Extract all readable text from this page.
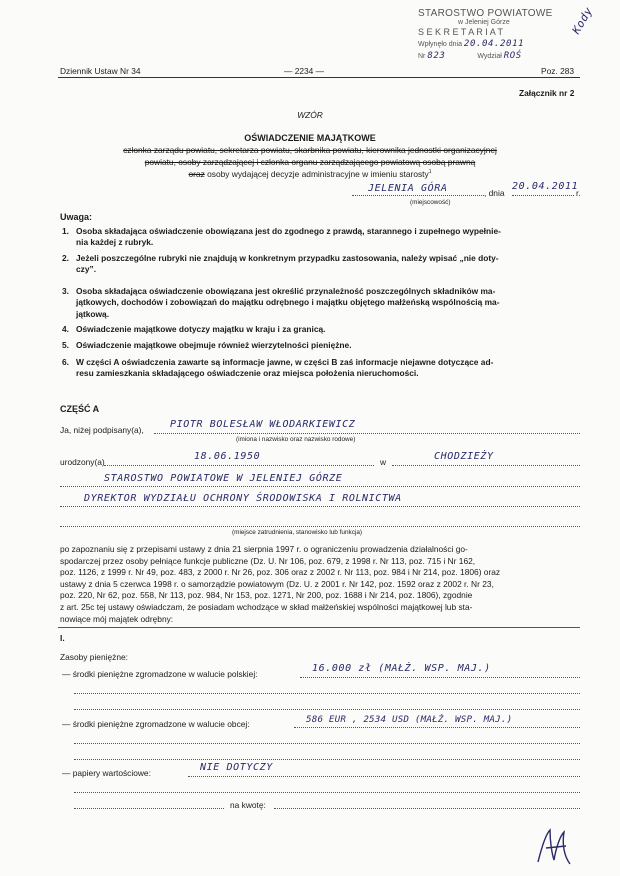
STAROSTWO POWIATOWE
w Jeleniej Górze
S E K R E T A R I A T
Wpłynęło dnia 20.04.2011
Nr 823	Wydział ROŚ
Kody
Dziennik Ustaw Nr 34	— 2234 —	Poz. 283
Załącznik nr 2
WZÓR
OŚWIADCZENIE MAJĄTKOWE
członka zarządu powiatu, sekretarza powiatu, skarbnika powiatu, kierownika jednostki organizacyjnej
powiatu, osoby zarządzającej i członka organu zarządzającego powiatową osobą prawną
oraz osoby wydającej decyzje administracyjne w imieniu starosty$^1$
JELENIA GÓRA	, dnia
20.04.2011
r.
(miejscowość)
Uwaga:
1. Osoba składająca oświadczenie obowiązana jest do zgodnego z prawdą, starannego i zupełnego wypełnie-
nia każdej z rubryk.
2. Jeżeli poszczególne rubryki nie znajdują w konkretnym przypadku zastosowania, należy wpisać „nie doty-
czy”.
3. Osoba składająca oświadczenie obowiązana jest określić przynależność poszczególnych składników ma-
jątkowych, dochodów i zobowiązań do majątku odrębnego i majątku objętego małżeńską wspólnością ma-
jątkową.
4. Oświadczenie majątkowe dotyczy majątku w kraju i za granicą.
5. Oświadczenie majątkowe obejmuje również wierzytelności pieniężne.
6. W części A oświadczenia zawarte są informacje jawne, w części B zaś informacje niejawne dotyczące ad-
resu zamieszkania składającego oświadczenie oraz miejsca położenia nieruchomości.
CZĘŚĆ A
Ja, niżej podpisany(a),	PIOTR BOLESŁAW WŁODARKIEWICZ
(imiona i nazwisko oraz nazwisko rodowe)
urodzony(a)	18.06.1950	w	CHODZIEŻY
STAROSTWO POWIATOWE W JELENIEJ GÓRZE
DYREKTOR WYDZIAŁU OCHRONY ŚRODOWISKA I ROLNICTWA
(miejsce zatrudnienia, stanowisko lub funkcja)
po zapoznaniu się z przepisami ustawy z dnia 21 sierpnia 1997 r. o ograniczeniu prowadzenia działalności go-
spodarczej przez osoby pełniące funkcje publiczne (Dz. U. Nr 106, poz. 679, z 1998 r. Nr 113, poz. 715 i Nr 162,
poz. 1126, z 1999 r. Nr 49, poz. 483, z 2000 r. Nr 26, poz. 306 oraz z 2002 r. Nr 113, poz. 984 i Nr 214, poz. 1806) oraz
ustawy z dnia 5 czerwca 1998 r. o samorządzie powiatowym (Dz. U. z 2001 r. Nr 142, poz. 1592 oraz z 2002 r. Nr 23,
poz. 220, Nr 62, poz. 558, Nr 113, poz. 984, Nr 153, poz. 1271, Nr 200, poz. 1688 i Nr 214, poz. 1806), zgodnie
z art. 25c tej ustawy oświadczam, że posiadam wchodzące w skład małżeńskiej wspólności majątkowej lub sta-
nowiące mój majątek odrębny:
I.
Zasoby pieniężne:
— środki pieniężne zgromadzone w walucie polskiej:	16.000 zł (MAŁŻ. WSP. MAJ.)
— środki pieniężne zgromadzone w walucie obcej:	586 EUR , 2534 USD (MAŁŻ. WSP. MAJ.)
— papiery wartościowe:	NIE DOTYCZY
na kwotę:
